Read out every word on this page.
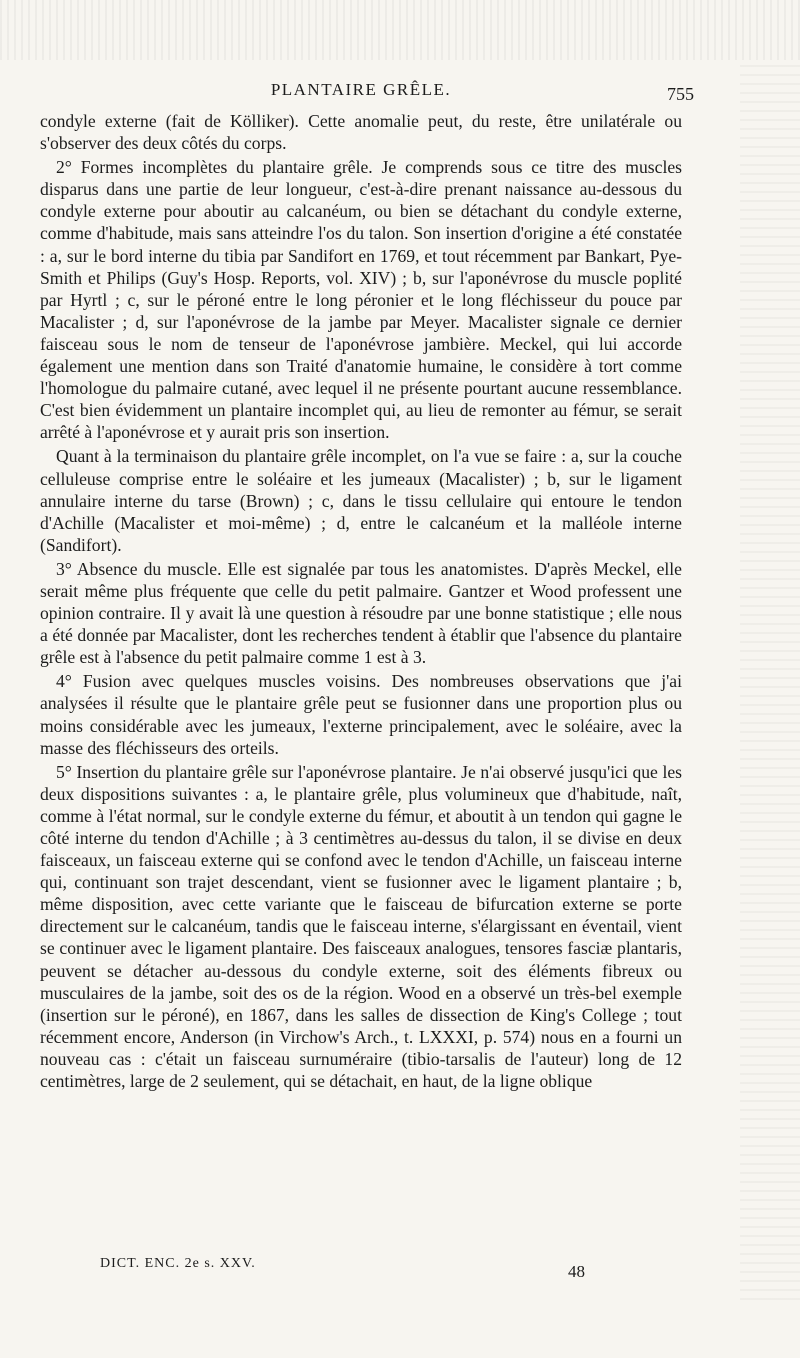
PLANTAIRE GRÊLE.	755

condyle externe (fait de Kölliker). Cette anomalie peut, du reste, être unilatérale ou s'observer des deux côtés du corps.

2° Formes incomplètes du plantaire grêle. Je comprends sous ce titre des muscles disparus dans une partie de leur longueur, c'est-à-dire prenant naissance au-dessous du condyle externe pour aboutir au calcanéum, ou bien se détachant du condyle externe, comme d'habitude, mais sans atteindre l'os du talon. Son insertion d'origine a été constatée : a, sur le bord interne du tibia par Sandifort en 1769, et tout récemment par Bankart, Pye-Smith et Philips (Guy's Hosp. Reports, vol. XIV) ; b, sur l'aponévrose du muscle poplité par Hyrtl ; c, sur le péroné entre le long péronier et le long fléchisseur du pouce par Macalister ; d, sur l'aponévrose de la jambe par Meyer. Macalister signale ce dernier faisceau sous le nom de tenseur de l'aponévrose jambière. Meckel, qui lui accorde également une mention dans son Traité d'anatomie humaine, le considère à tort comme l'homologue du palmaire cutané, avec lequel il ne présente pourtant aucune ressemblance. C'est bien évidemment un plantaire incomplet qui, au lieu de remonter au fémur, se serait arrêté à l'aponévrose et y aurait pris son insertion.

Quant à la terminaison du plantaire grêle incomplet, on l'a vue se faire : a, sur la couche celluleuse comprise entre le soléaire et les jumeaux (Macalister) ; b, sur le ligament annulaire interne du tarse (Brown) ; c, dans le tissu cellulaire qui entoure le tendon d'Achille (Macalister et moi-même) ; d, entre le calcanéum et la malléole interne (Sandifort).

3° Absence du muscle. Elle est signalée par tous les anatomistes. D'après Meckel, elle serait même plus fréquente que celle du petit palmaire. Gantzer et Wood professent une opinion contraire. Il y avait là une question à résoudre par une bonne statistique ; elle nous a été donnée par Macalister, dont les recherches tendent à établir que l'absence du plantaire grêle est à l'absence du petit palmaire comme 1 est à 3.

4° Fusion avec quelques muscles voisins. Des nombreuses observations que j'ai analysées il résulte que le plantaire grêle peut se fusionner dans une proportion plus ou moins considérable avec les jumeaux, l'externe principalement, avec le soléaire, avec la masse des fléchisseurs des orteils.

5° Insertion du plantaire grêle sur l'aponévrose plantaire. Je n'ai observé jusqu'ici que les deux dispositions suivantes : a, le plantaire grêle, plus volumineux que d'habitude, naît, comme à l'état normal, sur le condyle externe du fémur, et aboutit à un tendon qui gagne le côté interne du tendon d'Achille ; à 3 centimètres au-dessus du talon, il se divise en deux faisceaux, un faisceau externe qui se confond avec le tendon d'Achille, un faisceau interne qui, continuant son trajet descendant, vient se fusionner avec le ligament plantaire ; b, même disposition, avec cette variante que le faisceau de bifurcation externe se porte directement sur le calcanéum, tandis que le faisceau interne, s'élargissant en éventail, vient se continuer avec le ligament plantaire. Des faisceaux analogues, tensores fasciæ plantaris, peuvent se détacher au-dessous du condyle externe, soit des éléments fibreux ou musculaires de la jambe, soit des os de la région. Wood en a observé un très-bel exemple (insertion sur le péroné), en 1867, dans les salles de dissection de King's College ; tout récemment encore, Anderson (in Virchow's Arch., t. LXXXI, p. 574) nous en a fourni un nouveau cas : c'était un faisceau surnuméraire (tibio-tarsalis de l'auteur) long de 12 centimètres, large de 2 seulement, qui se détachait, en haut, de la ligne oblique

DICT. ENC. 2e s. XXV.	48
